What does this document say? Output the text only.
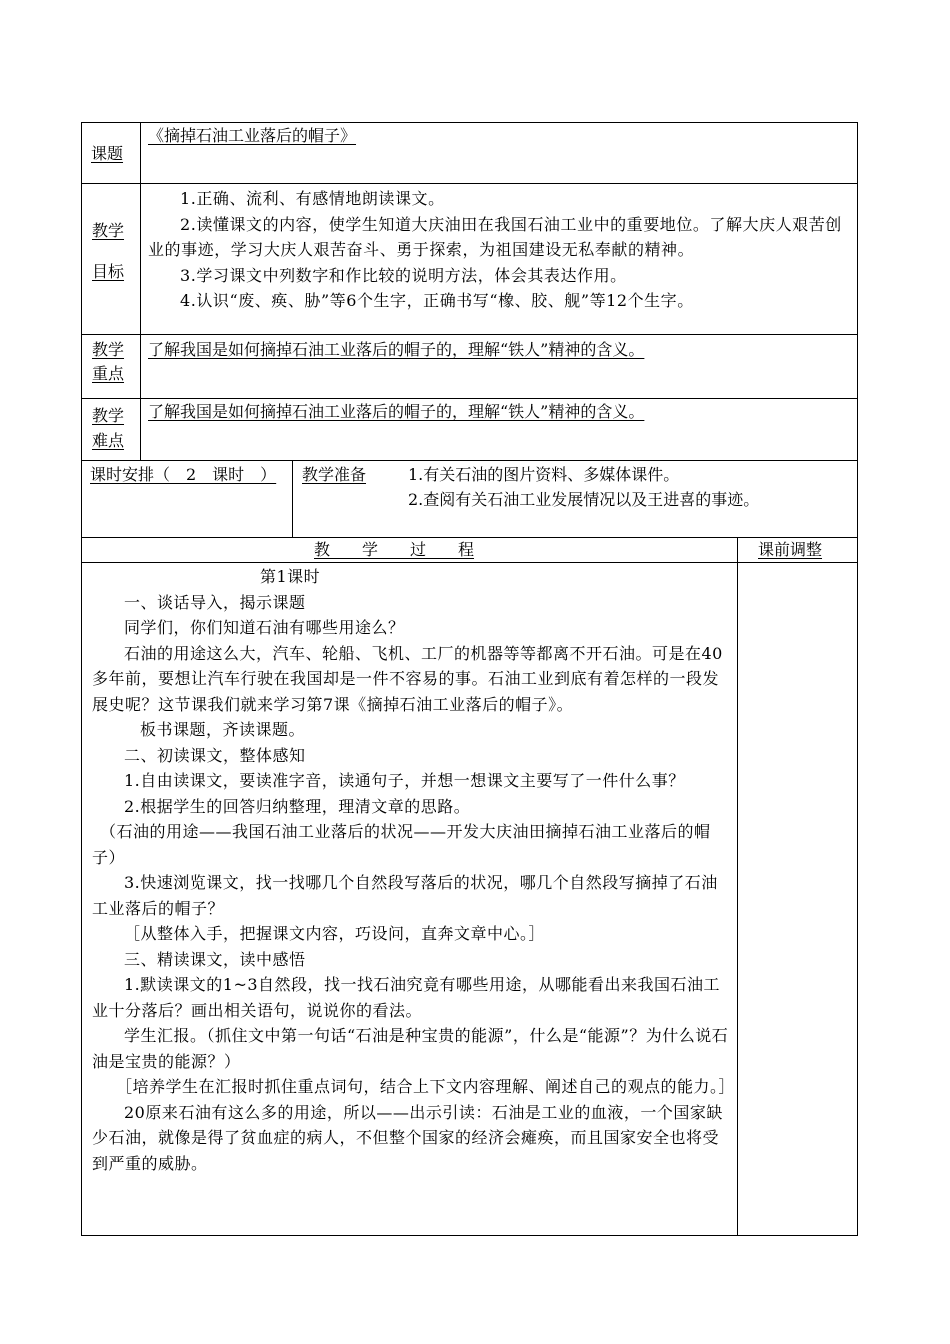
课题
《摘掉石油工业落后的帽子》
教学
目标

1.正确、流利、有感情地朗读课文。

2.读懂课文的内容，使学生知道大庆油田在我国石油工业中的重要地位。了解大庆人艰苦创业的事迹，学习大庆人艰苦奋斗、勇于探索，为祖国建设无私奉献的精神。

3.学习课文中列数字和作比较的说明方法，体会其表达作用。

4.认识“废、痪、胁”等6个生字，正确书写“橡、胶、舰”等12个生字。

教学
重点
了解我国是如何摘掉石油工业落后的帽子的，理解“铁人”精神的含义。
教学
难点
了解我国是如何摘掉石油工业落后的帽子的，理解“铁人”精神的含义。
课时安排（　2　课时　） 教学准备	1.有关石油的图片资料、多媒体课件。
2.查阅有关石油工业发展情况以及王进喜的事迹。
教　　学　　过　　程	课前调整

第1课时

一、谈话导入，揭示课题

同学们，你们知道石油有哪些用途么？

石油的用途这么大，汽车、轮船、飞机、工厂的机器等等都离不开石油。可是在40多年前，要想让汽车行驶在我国却是一件不容易的事。石油工业到底有着怎样的一段发展史呢？这节课我们就来学习第7课《摘掉石油工业落后的帽子》。

板书课题，齐读课题。

二、初读课文，整体感知

1.自由读课文，要读准字音，读通句子，并想一想课文主要写了一件什么事？

2.根据学生的回答归纳整理，理清文章的思路。

（石油的用途——我国石油工业落后的状况——开发大庆油田摘掉石油工业落后的帽子）

3.快速浏览课文，找一找哪几个自然段写落后的状况，哪几个自然段写摘掉了石油工业落后的帽子？

［从整体入手，把握课文内容，巧设问，直奔文章中心。］

三、精读课文，读中感悟

1.默读课文的1~3自然段，找一找石油究竟有哪些用途，从哪能看出来我国石油工业十分落后？画出相关语句，说说你的看法。

学生汇报。（抓住文中第一句话“石油是种宝贵的能源”，什么是“能源”？为什么说石油是宝贵的能源？）

［培养学生在汇报时抓住重点词句，结合上下文内容理解、阐述自己的观点的能力。］

20原来石油有这么多的用途，所以——出示引读：石油是工业的血液，一个国家缺少石油，就像是得了贫血症的病人，不但整个国家的经济会瘫痪，而且国家安全也将受到严重的威胁。
